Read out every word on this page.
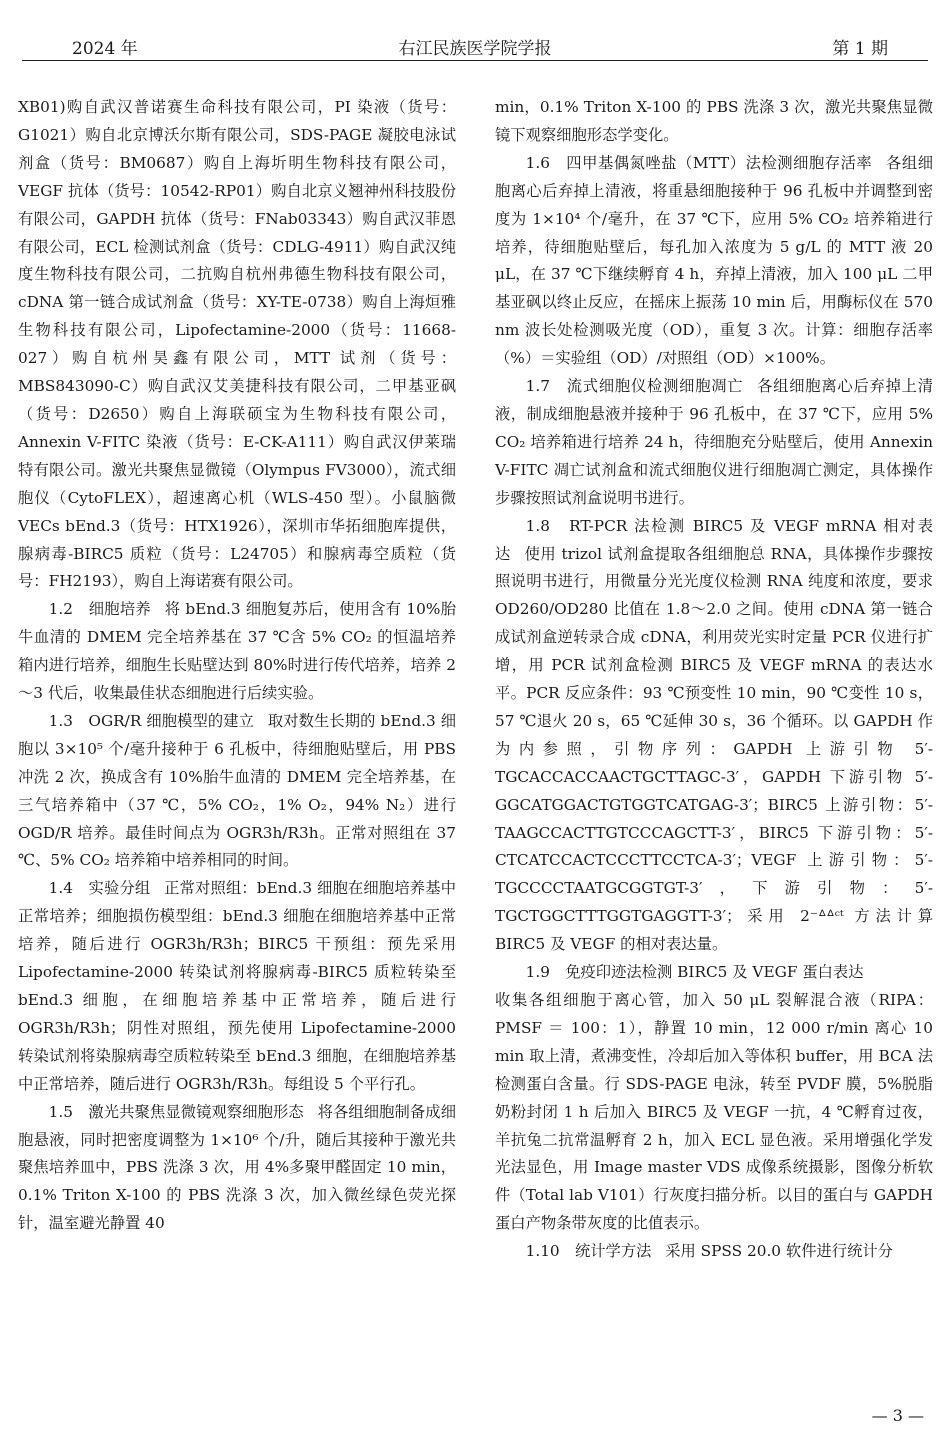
2024 年	右江民族医学院学报	第 1 期

XB01)购自武汉普诺赛生命科技有限公司，PI 染液（货号：G1021）购自北京博沃尔斯有限公司，SDS-PAGE 凝胶电泳试剂盒（货号：BM0687）购自上海圻明生物科技有限公司，VEGF 抗体（货号：10542-RP01）购自北京义翘神州科技股份有限公司，GAPDH 抗体（货号：FNab03343）购自武汉菲恩有限公司，ECL 检测试剂盒（货号：CDLG-4911）购自武汉纯度生物科技有限公司，二抗购自杭州弗德生物科技有限公司，cDNA 第一链合成试剂盒（货号：XY-TE-0738）购自上海烜雅生物科技有限公司，Lipofectamine-2000（货号：11668-027）购自杭州昊鑫有限公司，MTT 试剂（货号：MBS843090-C）购自武汉艾美捷科技有限公司，二甲基亚砜（货号：D2650）购自上海联硕宝为生物科技有限公司，Annexin V-FITC 染液（货号：E-CK-A111）购自武汉伊莱瑞特有限公司。激光共聚焦显微镜（Olympus FV3000），流式细胞仪（CytoFLEX），超速离心机（WLS-450 型）。小鼠脑微 VECs bEnd.3（货号：HTX1926），深圳市华拓细胞库提供，腺病毒-BIRC5 质粒（货号：L24705）和腺病毒空质粒（货号：FH2193），购自上海诺赛有限公司。

1.2　细胞培养 将 bEnd.3 细胞复苏后，使用含有 10%胎牛血清的 DMEM 完全培养基在 37 ℃含 5% CO₂ 的恒温培养箱内进行培养，细胞生长贴壁达到 80%时进行传代培养，培养 2～3 代后，收集最佳状态细胞进行后续实验。

1.3　OGR/R 细胞模型的建立 取对数生长期的 bEnd.3 细胞以 3×10⁵ 个/毫升接种于 6 孔板中，待细胞贴壁后，用 PBS 冲洗 2 次，换成含有 10%胎牛血清的 DMEM 完全培养基，在三气培养箱中（37 ℃，5% CO₂，1% O₂，94% N₂）进行 OGD/R 培养。最佳时间点为 OGR3h/R3h。正常对照组在 37 ℃、5% CO₂ 培养箱中培养相同的时间。

1.4　实验分组 正常对照组：bEnd.3 细胞在细胞培养基中正常培养；细胞损伤模型组：bEnd.3 细胞在细胞培养基中正常培养，随后进行 OGR3h/R3h；BIRC5 干预组：预先采用 Lipofectamine-2000 转染试剂将腺病毒-BIRC5 质粒转染至 bEnd.3 细胞，在细胞培养基中正常培养，随后进行 OGR3h/R3h；阴性对照组，预先使用 Lipofectamine-2000 转染试剂将染腺病毒空质粒转染至 bEnd.3 细胞，在细胞培养基中正常培养，随后进行 OGR3h/R3h。每组设 5 个平行孔。

1.5　激光共聚焦显微镜观察细胞形态 将各组细胞制备成细胞悬液，同时把密度调整为 1×10⁶ 个/升，随后其接种于激光共聚焦培养皿中，PBS 洗涤 3 次，用 4%多聚甲醛固定 10 min，0.1% Triton X-100 的 PBS 洗涤 3 次，加入微丝绿色荧光探针，温室避光静置 40

min，0.1% Triton X-100 的 PBS 洗涤 3 次，激光共聚焦显微镜下观察细胞形态学变化。

1.6　四甲基偶氮唑盐（MTT）法检测细胞存活率 各组细胞离心后弃掉上清液，将重悬细胞接种于 96 孔板中并调整到密度为 1×10⁴ 个/毫升，在 37 ℃下，应用 5% CO₂ 培养箱进行培养，待细胞贴壁后，每孔加入浓度为 5 g/L 的 MTT 液 20 μL，在 37 ℃下继续孵育 4 h，弃掉上清液，加入 100 μL 二甲基亚砜以终止反应，在摇床上振荡 10 min 后，用酶标仪在 570 nm 波长处检测吸光度（OD），重复 3 次。计算：细胞存活率（%）＝实验组（OD）/对照组（OD）×100%。

1.7　流式细胞仪检测细胞凋亡 各组细胞离心后弃掉上清液，制成细胞悬液并接种于 96 孔板中，在 37 ℃下，应用 5% CO₂ 培养箱进行培养 24 h，待细胞充分贴壁后，使用 Annexin V-FITC 凋亡试剂盒和流式细胞仪进行细胞凋亡测定，具体操作步骤按照试剂盒说明书进行。

1.8　RT-PCR 法检测 BIRC5 及 VEGF mRNA 相对表达 使用 trizol 试剂盒提取各组细胞总 RNA，具体操作步骤按照说明书进行，用微量分光光度仪检测 RNA 纯度和浓度，要求 OD260/OD280 比值在 1.8～2.0 之间。使用 cDNA 第一链合成试剂盒逆转录合成 cDNA，利用荧光实时定量 PCR 仪进行扩增，用 PCR 试剂盒检测 BIRC5 及 VEGF mRNA 的表达水平。PCR 反应条件：93 ℃预变性 10 min，90 ℃变性 10 s，57 ℃退火 20 s，65 ℃延伸 30 s，36 个循环。以 GAPDH 作为内参照，引物序列：GAPDH 上游引物 5′-TGCACCACCAACTGCTTAGC-3′，GAPDH 下游引物 5′-GGCATGGACTGTGGTCATGAG-3′；BIRC5 上游引物：5′-TAAGCCACTTGTCCCAGCTT-3′，BIRC5 下游引物：5′-CTCATCCACTCCCTTCCTCA-3′；VEGF 上游引物：5′-TGCCCCTAATGCGGTGT-3′，下游引物：5′-TGCTGGCTTTGGTGAGGTT-3′；采用 2⁻ᐞᐞᶜᵗ 方法计算 BIRC5 及 VEGF 的相对表达量。

1.9　免疫印迹法检测 BIRC5 及 VEGF 蛋白表达

收集各组细胞于离心管，加入 50 μL 裂解混合液（RIPA：PMSF ＝ 100：1），静置 10 min，12 000 r/min 离心 10 min 取上清，煮沸变性，冷却后加入等体积 buffer，用 BCA 法检测蛋白含量。行 SDS-PAGE 电泳，转至 PVDF 膜，5%脱脂奶粉封闭 1 h 后加入 BIRC5 及 VEGF 一抗，4 ℃孵育过夜，羊抗兔二抗常温孵育 2 h，加入 ECL 显色液。采用增强化学发光法显色，用 Image master VDS 成像系统摄影，图像分析软件（Total lab V101）行灰度扫描分析。以目的蛋白与 GAPDH 蛋白产物条带灰度的比值表示。

1.10　统计学方法 采用 SPSS 20.0 软件进行统计分

— 3 —
